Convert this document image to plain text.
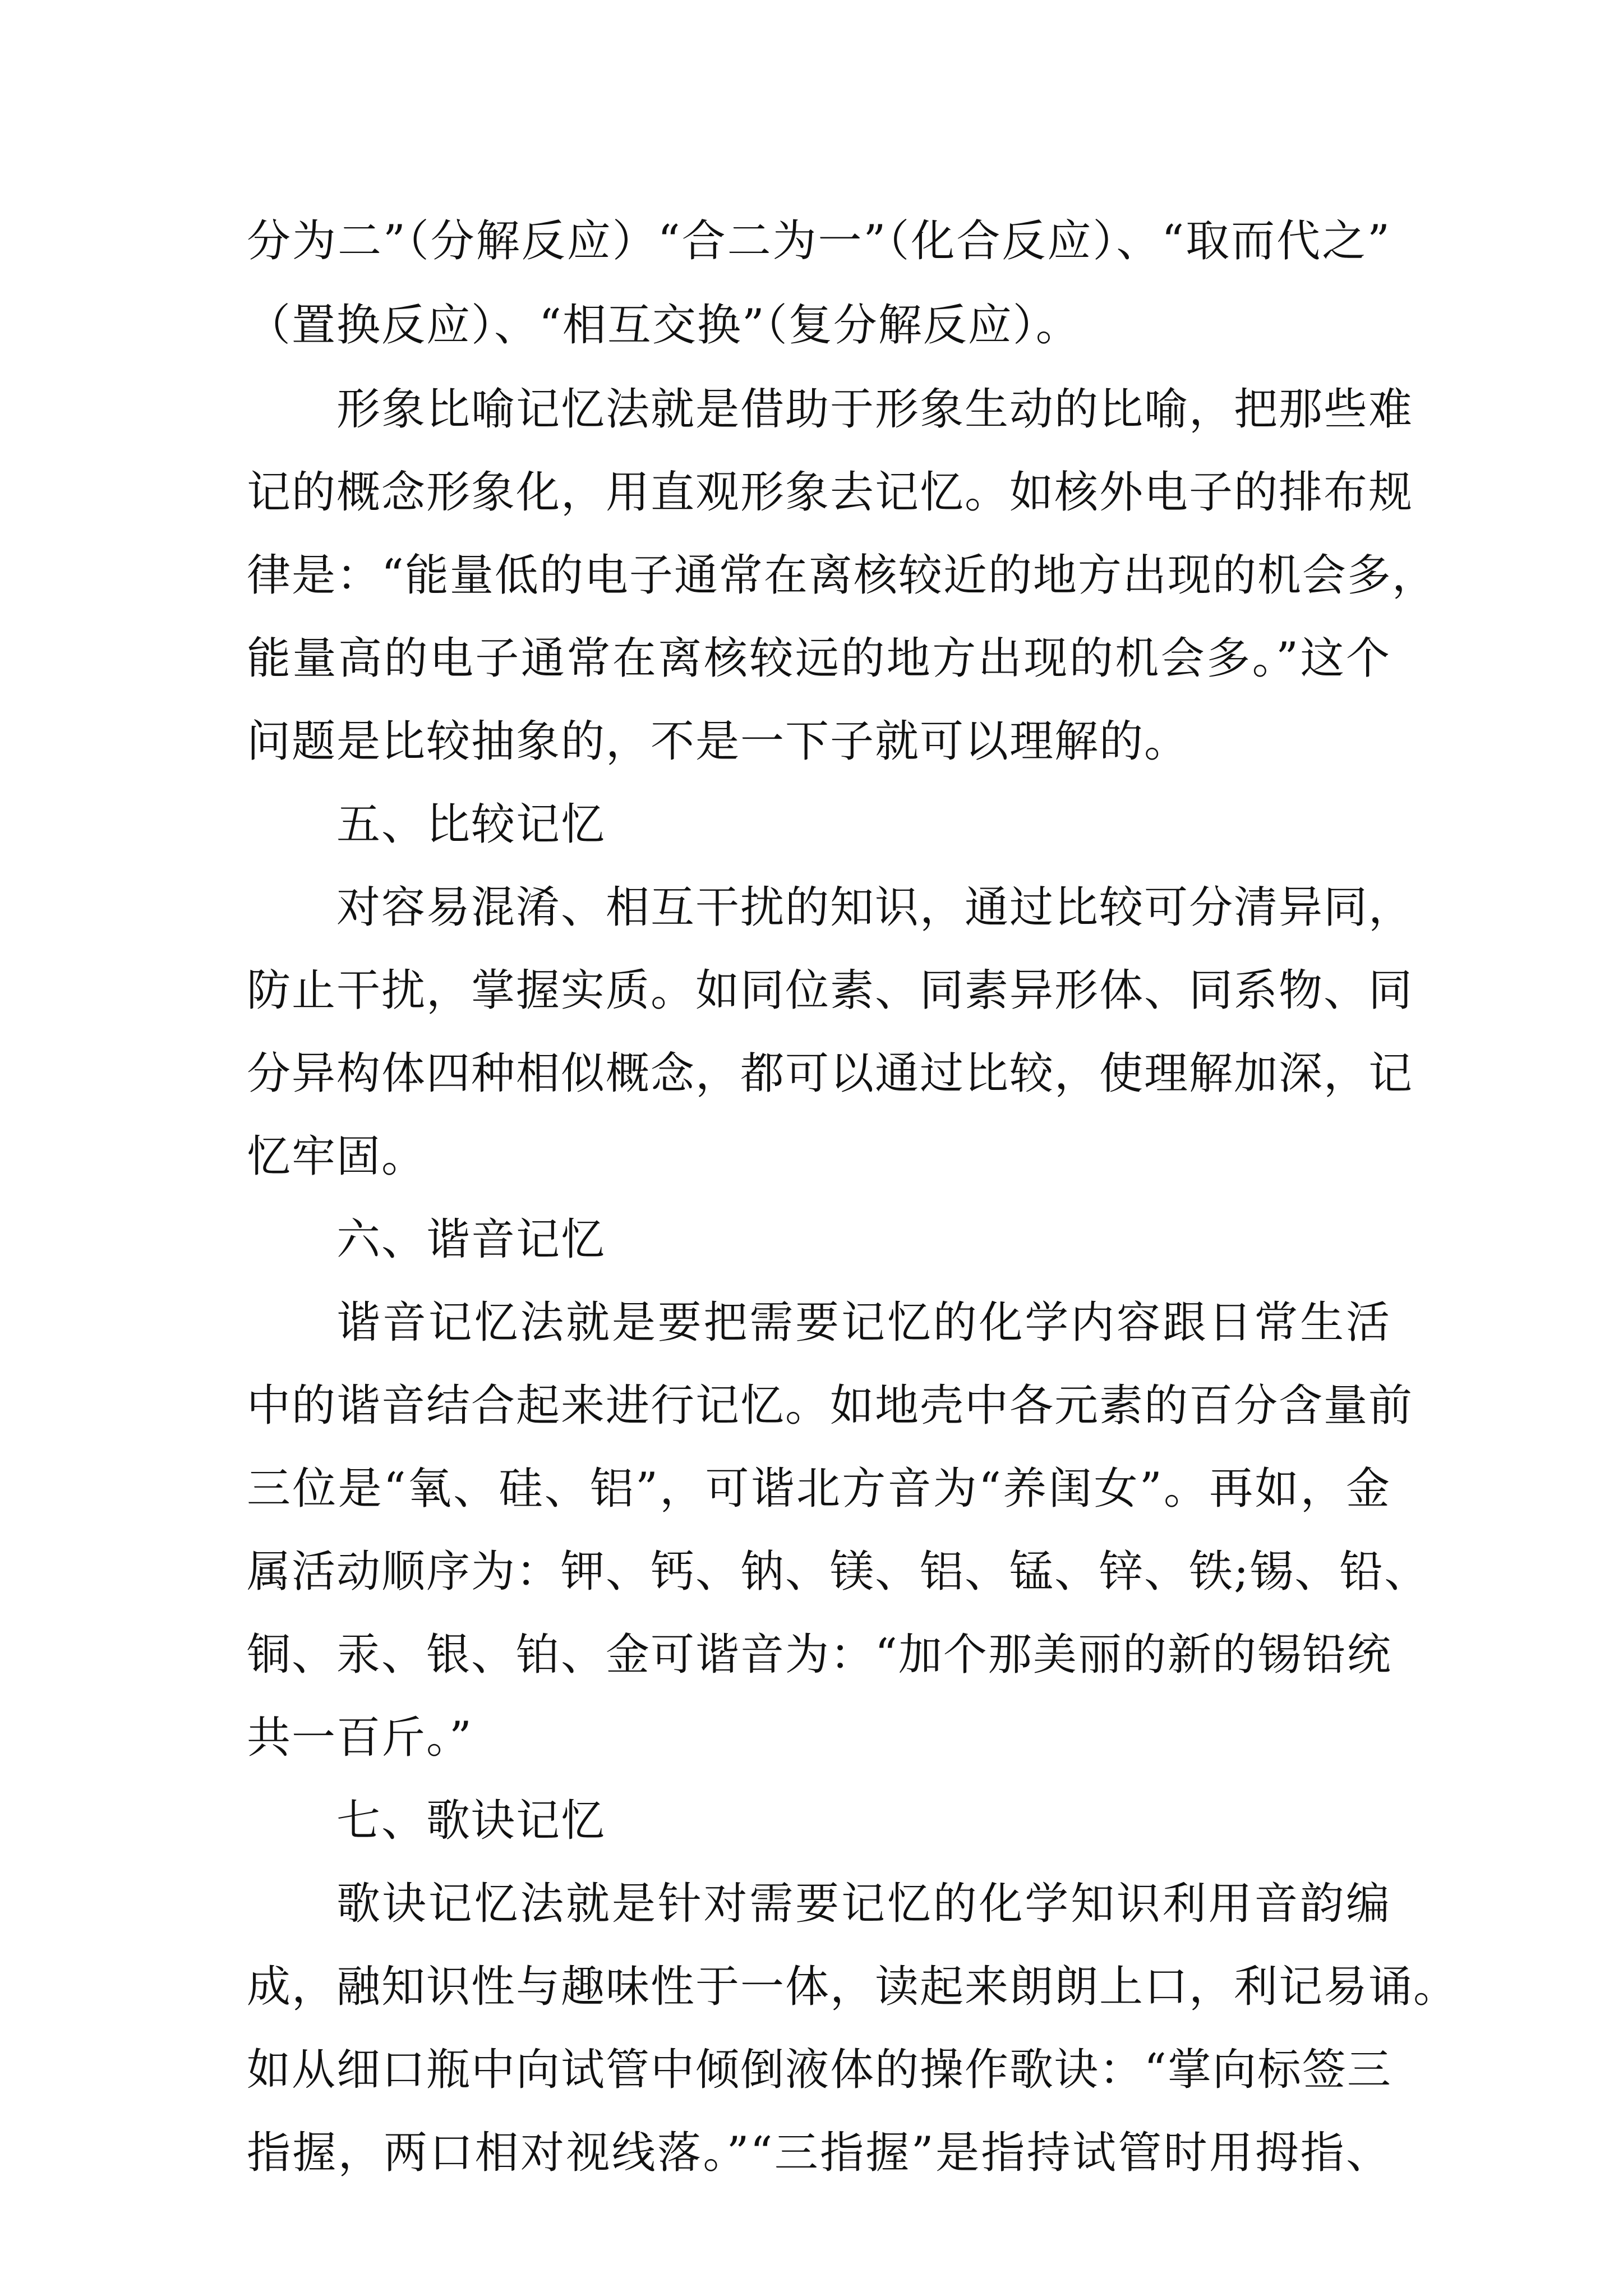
分为二”（分解反应）“合二为一”（化合反应）、“取而代之”
（置换反应）、“相互交换”（复分解反应）。
形象比喻记忆法就是借助于形象生动的比喻，把那些难
记的概念形象化，用直观形象去记忆。如核外电子的排布规
律是：“能量低的电子通常在离核较近的地方出现的机会多，
能量高的电子通常在离核较远的地方出现的机会多。”这个
问题是比较抽象的，不是一下子就可以理解的。
五、比较记忆
对容易混淆、相互干扰的知识，通过比较可分清异同，
防止干扰，掌握实质。如同位素、同素异形体、同系物、同
分异构体四种相似概念，都可以通过比较，使理解加深，记
忆牢固。
六、谐音记忆
谐音记忆法就是要把需要记忆的化学内容跟日常生活
中的谐音结合起来进行记忆。如地壳中各元素的百分含量前
三位是“氧、硅、铝”，可谐北方音为“养闺女”。再如，金
属活动顺序为：钾、钙、钠、镁、铝、锰、锌、铁;锡、铅、
铜、汞、银、铂、金可谐音为：“加个那美丽的新的锡铅统
共一百斤。”
七、歌诀记忆
歌诀记忆法就是针对需要记忆的化学知识利用音韵编
成，融知识性与趣味性于一体，读起来朗朗上口，利记易诵。
如从细口瓶中向试管中倾倒液体的操作歌诀：“掌向标签三
指握，两口相对视线落。”“三指握”是指持试管时用拇指、
